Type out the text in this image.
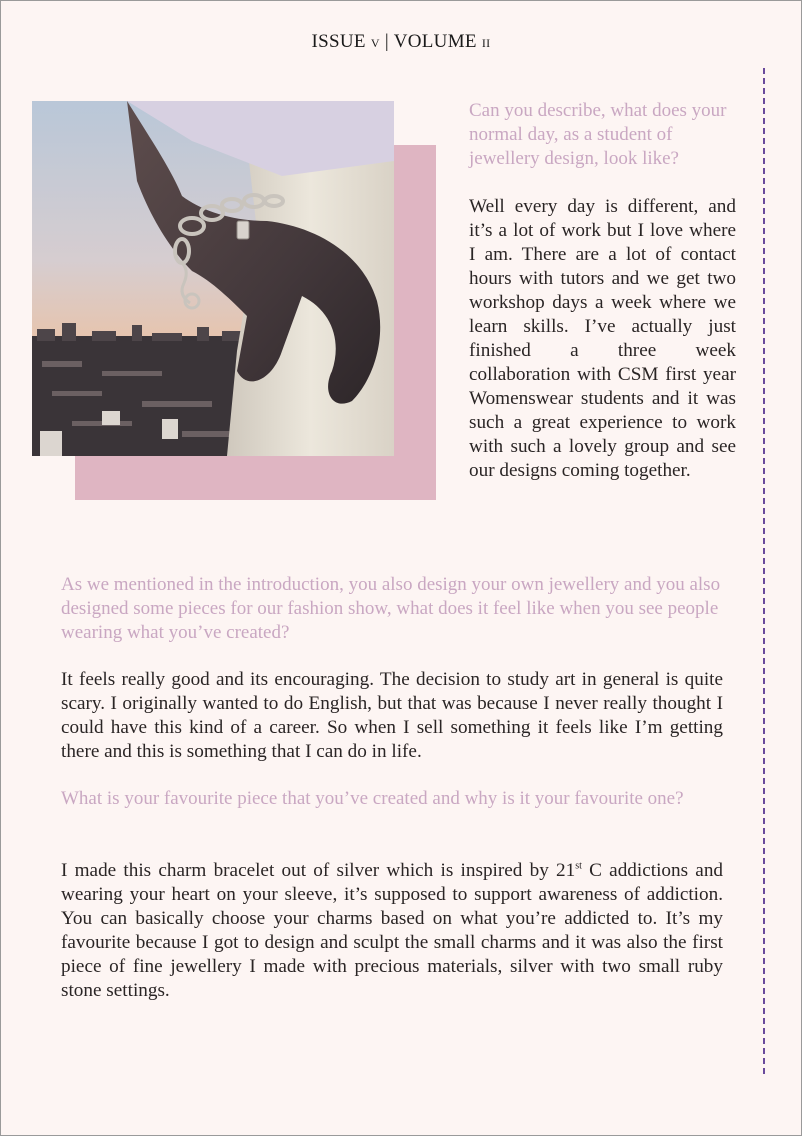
ISSUE v | VOLUME ii

Can you describe, what does your normal day, as a student of jewellery design, look like?

Well every day is different, and it’s a lot of work but I love where I am. There are a lot of contact hours with tutors and we get two workshop days a week where we learn skills. I’ve actually just finished a three week collaboration with CSM first year Womenswear students and it was such a great experience to work with such a lovely group and see our designs coming together.

As we mentioned in the introduction, you also design your own jewellery and you also designed some pieces for our fashion show, what does it feel like when you see people wearing what you’ve created?

It feels really good and its encouraging. The decision to study art in general is quite scary. I originally wanted to do English, but that was because I never really thought I could have this kind of a career. So when I sell something it feels like I’m getting there and this is something that I can do in life.

What is your favourite piece that you’ve created and why is it your favourite one?

I made this charm bracelet out of silver which is inspired by 21st C addictions and wearing your heart on your sleeve, it’s supposed to support awareness of addiction. You can basically choose your charms based on what you’re addicted to. It’s my favourite because I got to design and sculpt the small charms and it was also the first piece of fine jewellery I made with precious materials, silver with two small ruby stone settings.
